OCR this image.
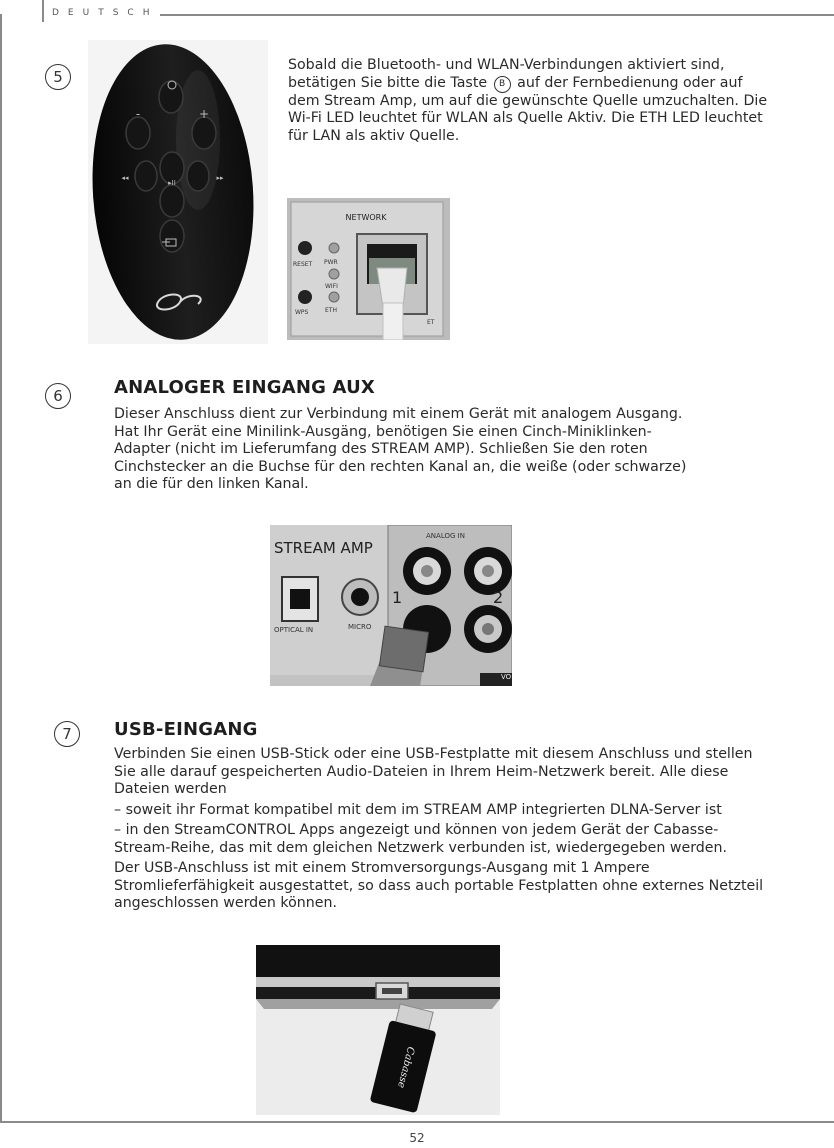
DEUTSCH
5
-	+
◂◂	▸▸
▸II

Sobald die Bluetooth- und WLAN-Verbindungen aktiviert sind, betätigen Sie bitte die Taste B auf der Fernbedienung oder auf dem Stream Amp, um auf die gewünschte Quelle umzuchalten. Die Wi-Fi LED leuchtet für WLAN als Quelle Aktiv. Die ETH LED leuchtet für LAN als aktiv Quelle.

NETWORK
RESET PWR
WIFI
WPS	ETH
ET
6	ANALOGER EINGANG AUX
Dieser Anschluss dient zur Verbindung mit einem Gerät mit analogem Ausgang.
Hat Ihr Gerät eine Minilink-Ausgäng, benötigen Sie einen Cinch-Miniklinken-
Adapter (nicht im Lieferumfang des STREAM AMP). Schließen Sie den roten
Cinchstecker an die Buchse für den rechten Kanal an, die weiße (oder schwarze)
an die für den linken Kanal.
STREAM AMP
ANALOG IN
OPTICAL IN	MICRO
1	2
VO
7	USB-EINGANG
Verbinden Sie einen USB-Stick oder eine USB-Festplatte mit diesem Anschluss und stellen
Sie alle darauf gespeicherten Audio-Dateien in Ihrem Heim-Netzwerk bereit. Alle diese
Dateien werden
– soweit ihr Format kompatibel mit dem im STREAM AMP integrierten DLNA-Server ist
– in den StreamCONTROL Apps angezeigt und können von jedem Gerät der Cabasse-
Stream-Reihe, das mit dem gleichen Netzwerk verbunden ist, wiedergegeben werden.
Der USB-Anschluss ist mit einem Stromversorgungs-Ausgang mit 1 Ampere
Stromlieferfähigkeit ausgestattet, so dass auch portable Festplatten ohne externes Netzteil
angeschlossen werden können.
Cabasse
52
